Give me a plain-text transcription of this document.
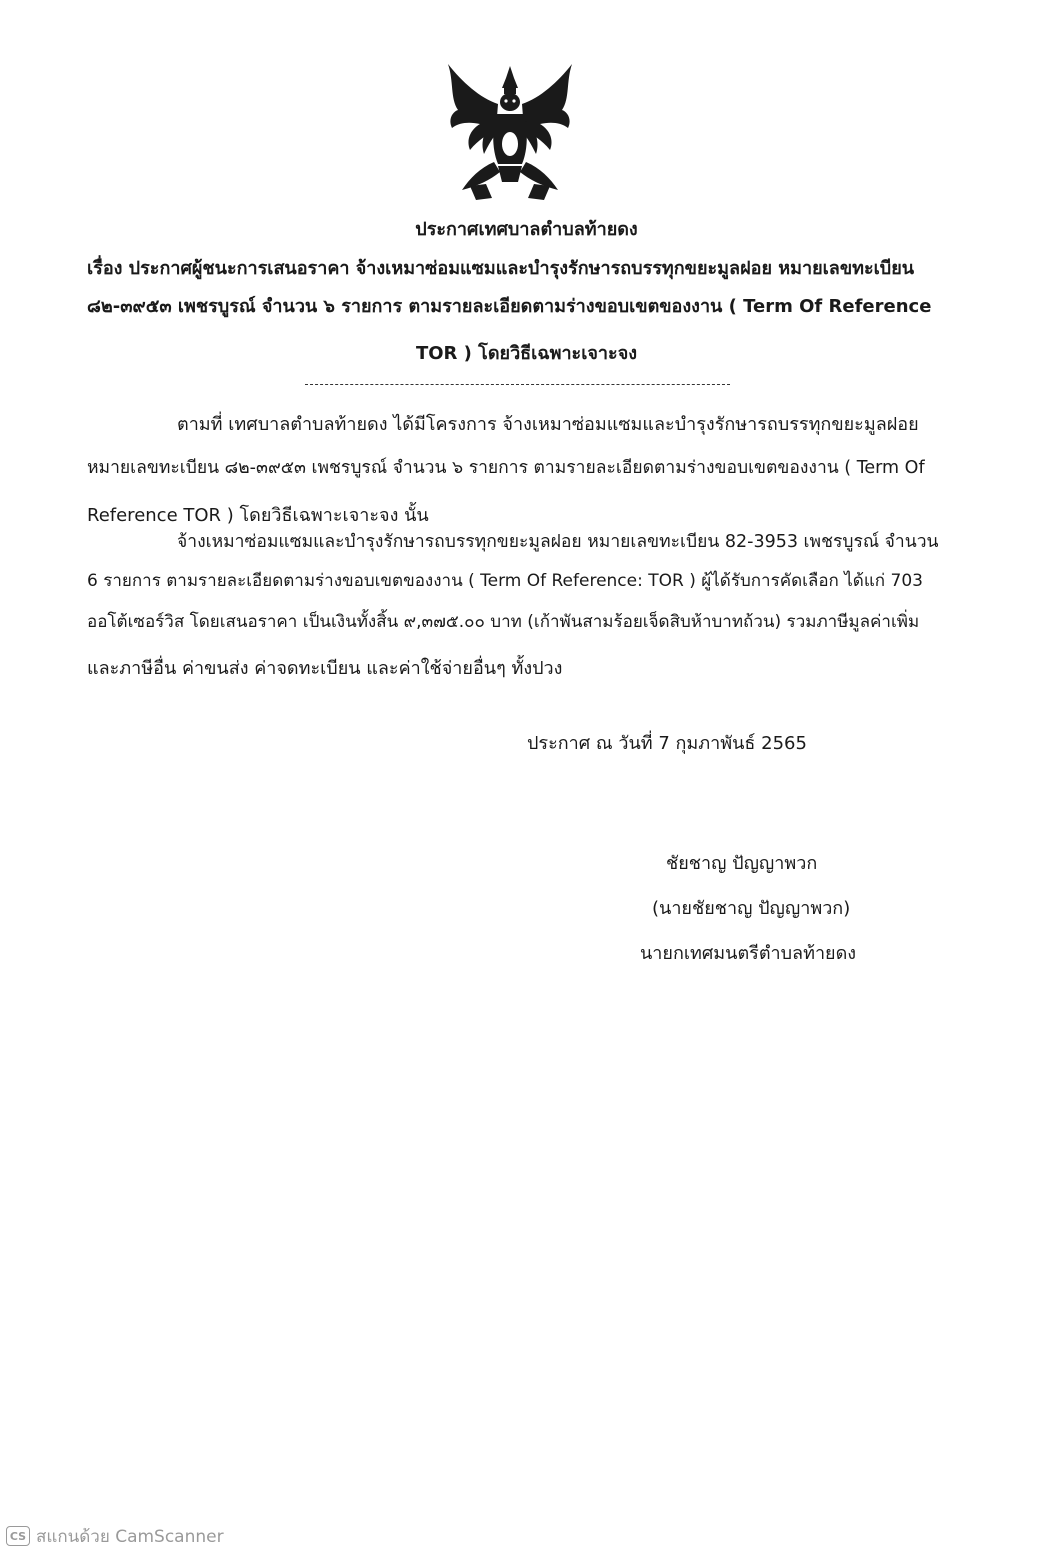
ประกาศเทศบาลตำบลท้ายดง
เรื่อง ประกาศผู้ชนะการเสนอราคา จ้างเหมาซ่อมแซมและบำรุงรักษารถบรรทุกขยะมูลฝอย หมายเลขทะเบียน
๘๒-๓๙๕๓ เพชรบูรณ์ จำนวน ๖ รายการ ตามรายละเอียดตามร่างขอบเขตของงาน ( Term Of Reference
TOR ) โดยวิธีเฉพาะเจาะจง
ตามที่ เทศบาลตำบลท้ายดง ได้มีโครงการ จ้างเหมาซ่อมแซมและบำรุงรักษารถบรรทุกขยะมูลฝอย
หมายเลขทะเบียน ๘๒-๓๙๕๓ เพชรบูรณ์ จำนวน ๖ รายการ ตามรายละเอียดตามร่างขอบเขตของงาน ( Term Of
Reference TOR ) โดยวิธีเฉพาะเจาะจง นั้น
จ้างเหมาซ่อมแซมและบำรุงรักษารถบรรทุกขยะมูลฝอย หมายเลขทะเบียน 82-3953 เพชรบูรณ์ จำนวน
6 รายการ ตามรายละเอียดตามร่างขอบเขตของงาน ( Term Of Reference: TOR ) ผู้ได้รับการคัดเลือก ได้แก่ 703
ออโต้เซอร์วิส โดยเสนอราคา เป็นเงินทั้งสิ้น ๙,๓๗๕.๐๐ บาท (เก้าพันสามร้อยเจ็ดสิบห้าบาทถ้วน) รวมภาษีมูลค่าเพิ่ม
และภาษีอื่น ค่าขนส่ง ค่าจดทะเบียน และค่าใช้จ่ายอื่นๆ ทั้งปวง
ประกาศ ณ วันที่ 7 กุมภาพันธ์ 2565
ชัยชาญ ปัญญาพวก
(นายชัยชาญ ปัญญาพวก)
นายกเทศมนตรีตำบลท้ายดง
CS สแกนด้วย CamScanner
